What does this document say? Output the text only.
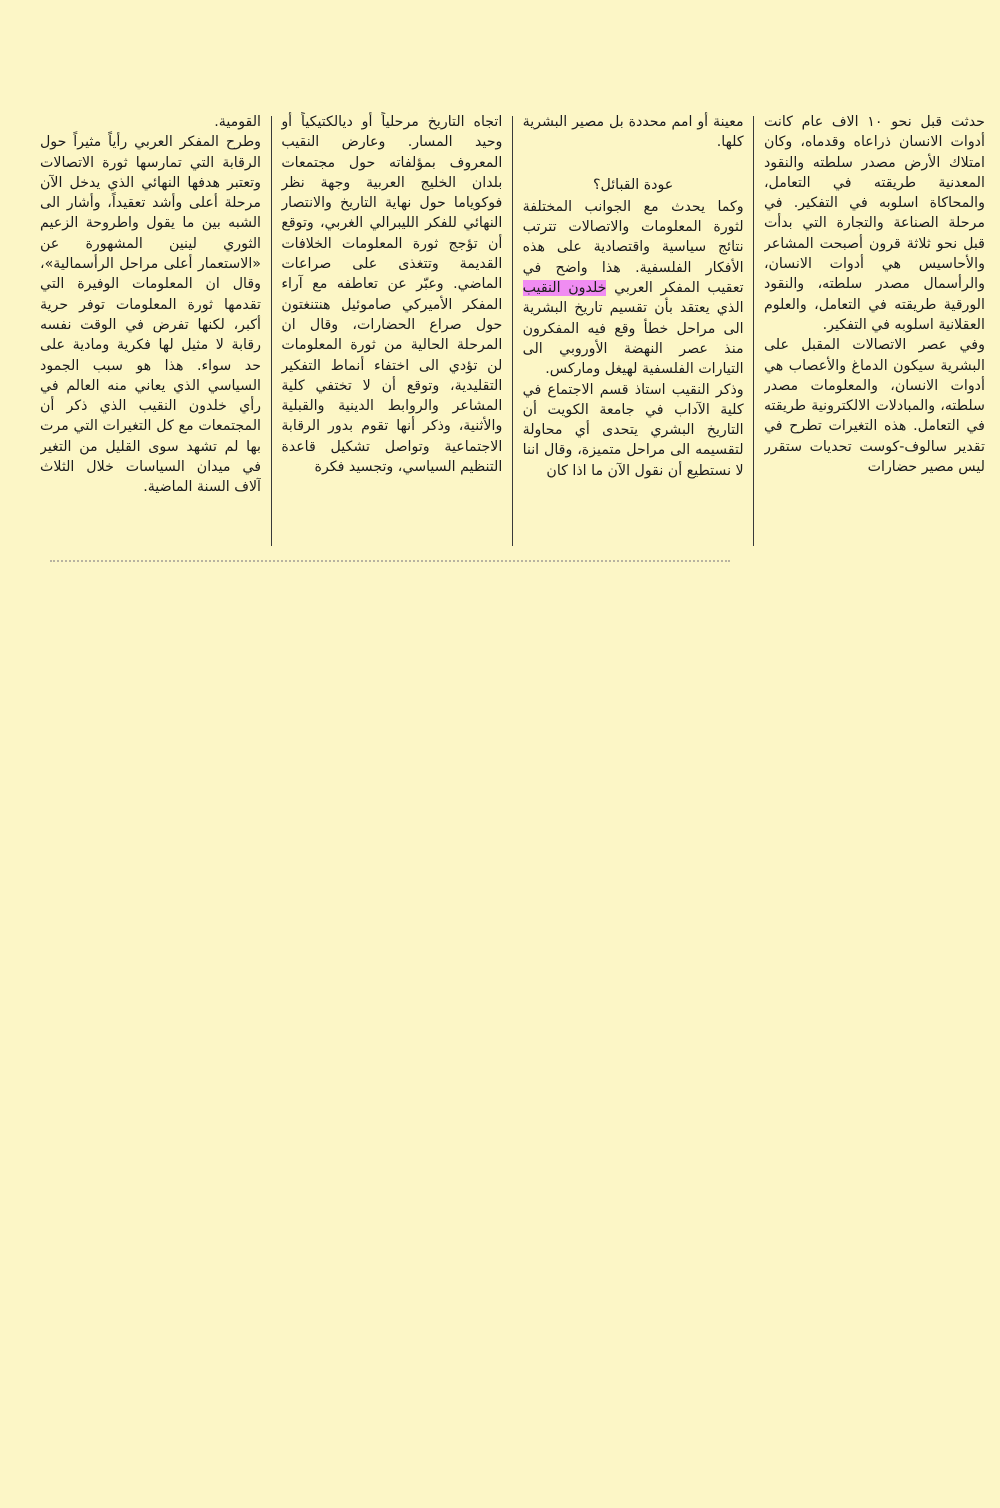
حدثت قبل نحو ١٠ الاف عام كانت أدوات الانسان ذراعاه وقدماه، وكان امتلاك الأرض مصدر سلطته والنقود المعدنية طريقته في التعامل، والمحاكاة اسلوبه في التفكير. في مرحلة الصناعة والتجارة التي بدأت قبل نحو ثلاثة قرون أصبحت المشاعر والأحاسيس هي أدوات الانسان، والرأسمال مصدر سلطته، والنقود الورقية طريقته في التعامل، والعلوم العقلانية اسلوبه في التفكير.

وفي عصر الاتصالات المقبل على البشرية سيكون الدماغ والأعصاب هي أدوات الانسان، والمعلومات مصدر سلطته، والمبادلات الالكترونية طريقته في التعامل. هذه التغيرات تطرح في تقدير سالوف-كوست تحديات ستقرر ليس مصير حضارات

معينة أو امم محددة بل مصير البشرية كلها.

عودة القبائل؟

وكما يحدث مع الجوانب المختلفة لثورة المعلومات والاتصالات تترتب نتائج سياسية واقتصادية على هذه الأفكار الفلسفية. هذا واضح في تعقيب المفكر العربي خلدون النقيب الذي يعتقد بأن تقسيم تاريخ البشرية الى مراحل خطأ وقع فيه المفكرون منذ عصر النهضة الأوروبي الى التيارات الفلسفية لهيغل وماركس.

وذكر النقيب استاذ قسم الاجتماع في كلية الآداب في جامعة الكويت أن التاريخ البشري يتحدى أي محاولة لتقسيمه الى مراحل متميزة، وقال اننا لا نستطيع أن نقول الآن ما اذا كان

اتجاه التاريخ مرحلياً أو ديالكتيكياً أو وحيد المسار. وعارض النقيب المعروف بمؤلفاته حول مجتمعات بلدان الخليج العربية وجهة نظر فوكوياما حول نهاية التاريخ والانتصار النهائي للفكر الليبرالي الغربي، وتوقع أن تؤجج ثورة المعلومات الخلافات القديمة وتتغذى على صراعات الماضي. وعبّر عن تعاطفه مع آراء المفكر الأميركي صاموئيل هنتنغتون حول صراع الحضارات، وقال ان المرحلة الحالية من ثورة المعلومات لن تؤدي الى اختفاء أنماط التفكير التقليدية، وتوقع أن لا تختفي كلية المشاعر والروابط الدينية والقبلية والأثنية، وذكر أنها تقوم بدور الرقابة الاجتماعية وتواصل تشكيل قاعدة التنظيم السياسي، وتجسيد فكرة

القومية.

وطرح المفكر العربي رأياً مثيراً حول الرقابة التي تمارسها ثورة الاتصالات وتعتبر هدفها النهائي الذي يدخل الآن مرحلة أعلى وأشد تعقيداً، وأشار الى الشبه بين ما يقول واطروحة الزعيم الثوري لينين المشهورة عن «الاستعمار أعلى مراحل الرأسمالية»، وقال ان المعلومات الوفيرة التي تقدمها ثورة المعلومات توفر حرية أكبر، لكنها تفرض في الوقت نفسه رقابة لا مثيل لها فكرية ومادية على حد سواء. هذا هو سبب الجمود السياسي الذي يعاني منه العالم في رأي خلدون النقيب الذي ذكر أن المجتمعات مع كل التغيرات التي مرت بها لم تشهد سوى القليل من التغير في ميدان السياسات خلال الثلاث آلاف السنة الماضية.
